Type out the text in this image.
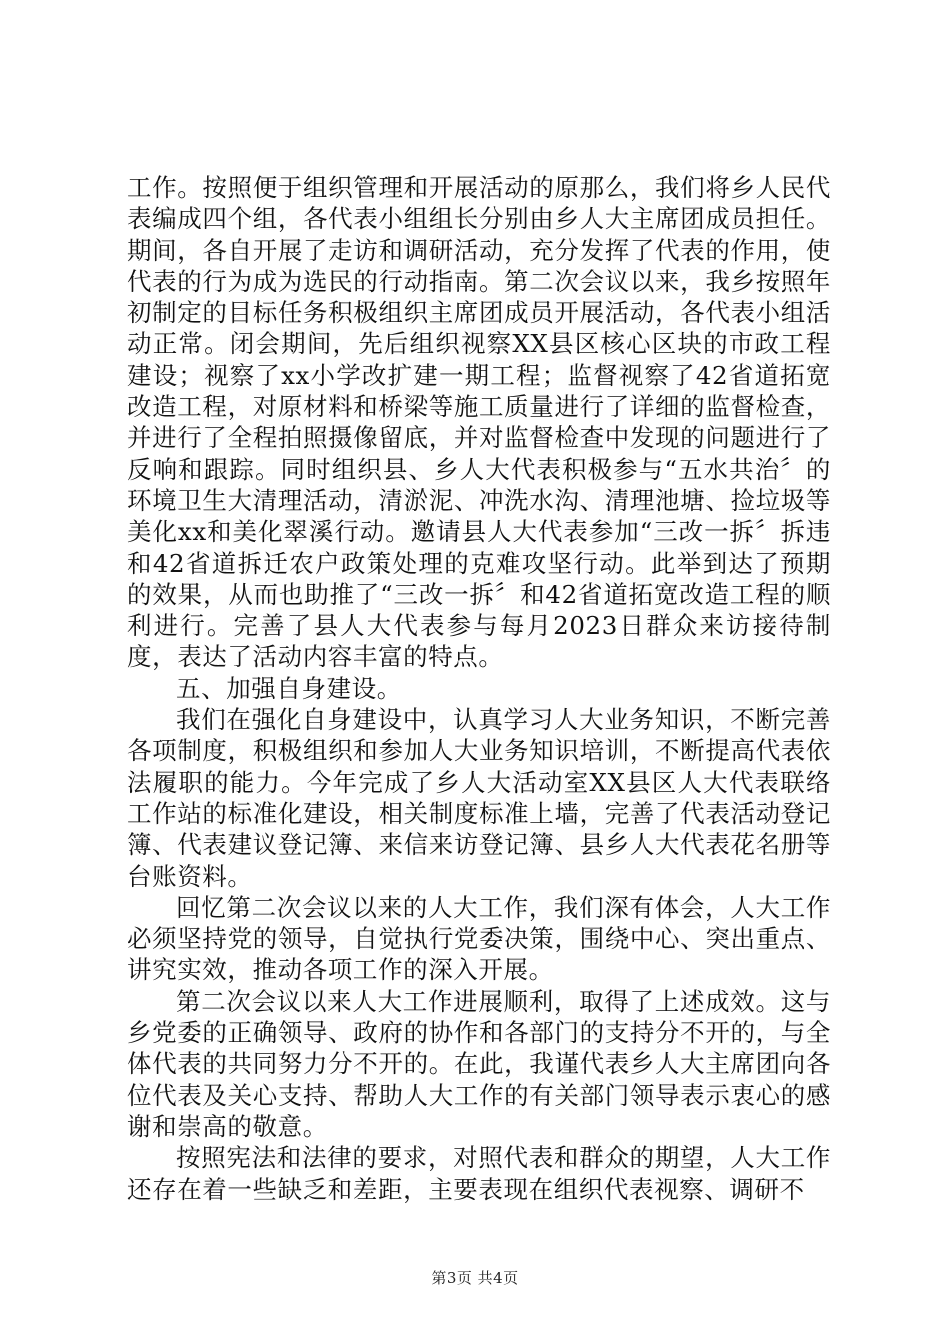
工作。按照便于组织管理和开展活动的原那么，我们将乡人民代表编成四个组，各代表小组组长分别由乡人大主席团成员担任。期间，各自开展了走访和调研活动，充分发挥了代表的作用，使代表的行为成为选民的行动指南。第二次会议以来，我乡按照年初制定的目标任务积极组织主席团成员开展活动，各代表小组活动正常。闭会期间，先后组织视察XX县区核心区块的市政工程建设；视察了xx小学改扩建一期工程；监督视察了42省道拓宽改造工程，对原材料和桥梁等施工质量进行了详细的监督检查，并进行了全程拍照摄像留底，并对监督检查中发现的问题进行了反响和跟踪。同时组织县、乡人大代表积极参与“五水共治〞的环境卫生大清理活动，清淤泥、冲洗水沟、清理池塘、捡垃圾等美化xx和美化翠溪行动。邀请县人大代表参加“三改一拆〞拆违和42省道拆迁农户政策处理的克难攻坚行动。此举到达了预期的效果，从而也助推了“三改一拆〞和42省道拓宽改造工程的顺利进行。完善了县人大代表参与每月2023日群众来访接待制度，表达了活动内容丰富的特点。

五、加强自身建设。

我们在强化自身建设中，认真学习人大业务知识，不断完善各项制度，积极组织和参加人大业务知识培训，不断提高代表依法履职的能力。今年完成了乡人大活动室XX县区人大代表联络工作站的标准化建设，相关制度标准上墙，完善了代表活动登记簿、代表建议登记簿、来信来访登记簿、县乡人大代表花名册等台账资料。

回忆第二次会议以来的人大工作，我们深有体会，人大工作必须坚持党的领导，自觉执行党委决策，围绕中心、突出重点、讲究实效，推动各项工作的深入开展。

第二次会议以来人大工作进展顺利，取得了上述成效。这与乡党委的正确领导、政府的协作和各部门的支持分不开的，与全体代表的共同努力分不开的。在此，我谨代表乡人大主席团向各位代表及关心支持、帮助人大工作的有关部门领导表示衷心的感谢和崇高的敬意。

按照宪法和法律的要求，对照代表和群众的期望，人大工作还存在着一些缺乏和差距，主要表现在组织代表视察、调研不

第3页 共4页
